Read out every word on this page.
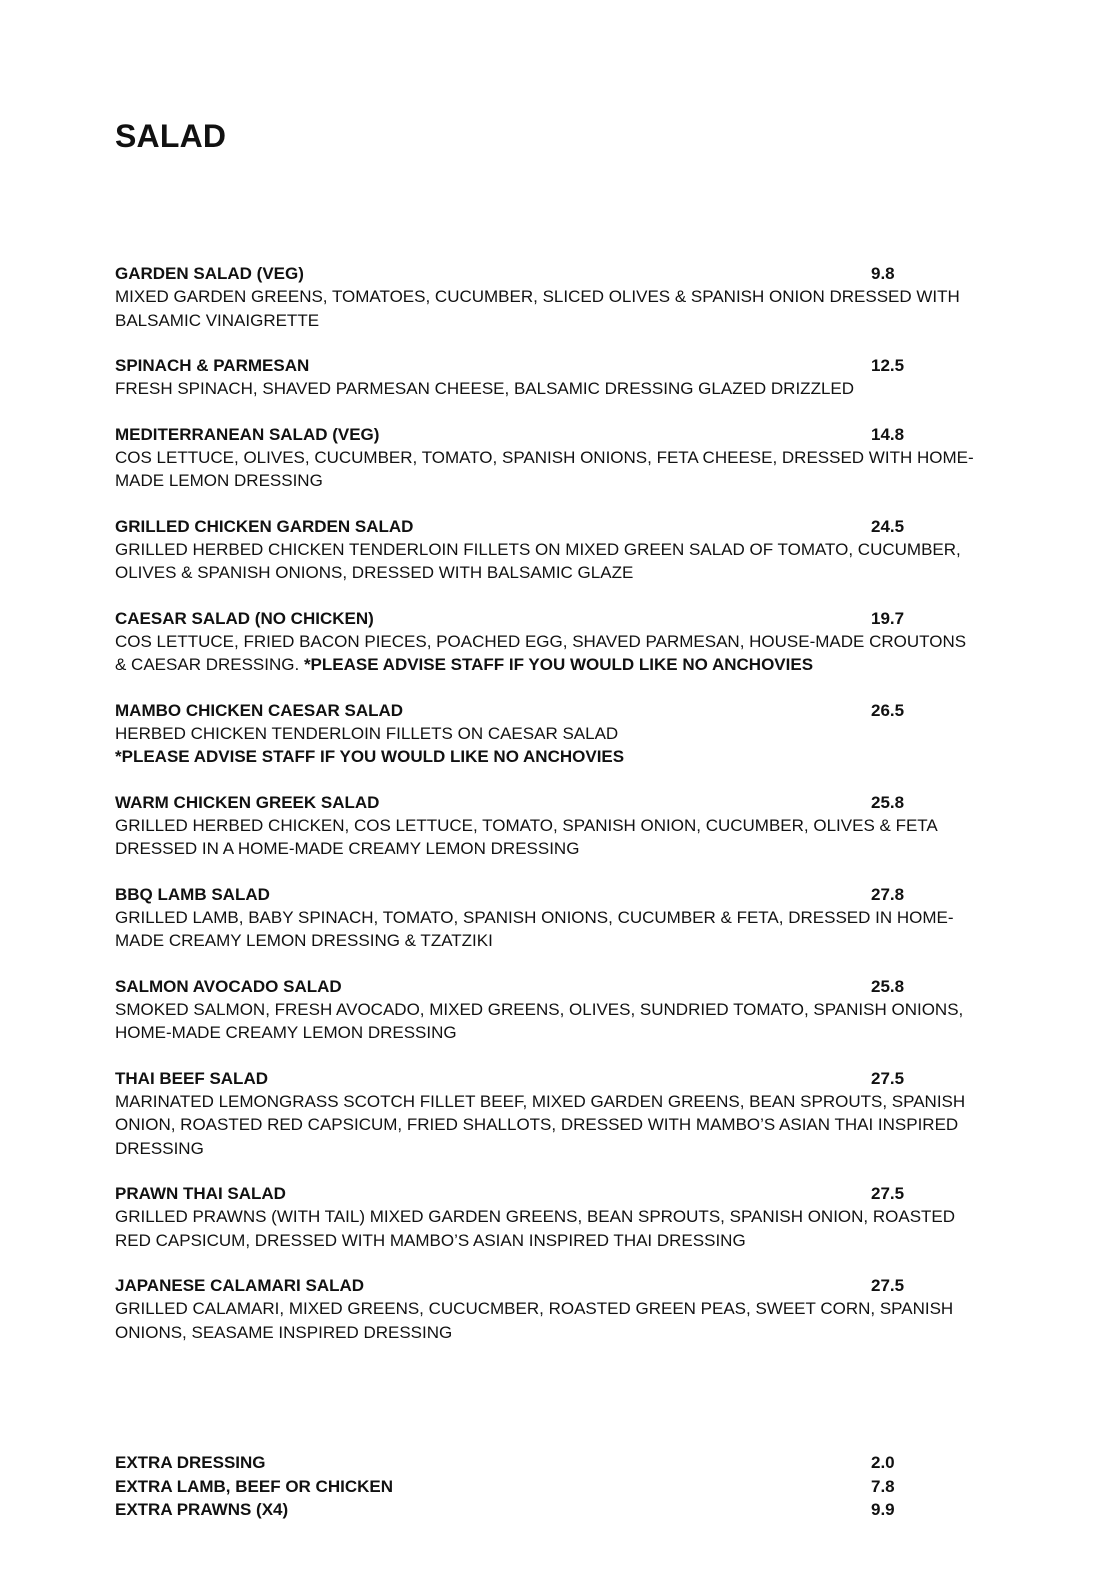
SALAD
GARDEN SALAD (VEG)	9.8
MIXED GARDEN GREENS, TOMATOES, CUCUMBER, SLICED OLIVES & SPANISH ONION DRESSED WITH BALSAMIC VINAIGRETTE
SPINACH & PARMESAN	12.5
FRESH SPINACH, SHAVED PARMESAN CHEESE, BALSAMIC DRESSING GLAZED DRIZZLED
MEDITERRANEAN SALAD (VEG)	14.8
COS LETTUCE, OLIVES, CUCUMBER, TOMATO, SPANISH ONIONS, FETA CHEESE, DRESSED WITH HOME-MADE LEMON DRESSING
GRILLED CHICKEN GARDEN SALAD	24.5
GRILLED HERBED CHICKEN TENDERLOIN FILLETS ON MIXED GREEN SALAD OF TOMATO, CUCUMBER, OLIVES & SPANISH ONIONS, DRESSED WITH BALSAMIC GLAZE
CAESAR SALAD (NO CHICKEN)	19.7
COS LETTUCE, FRIED BACON PIECES, POACHED EGG, SHAVED PARMESAN, HOUSE-MADE CROUTONS & CAESAR DRESSING. *PLEASE ADVISE STAFF IF YOU WOULD LIKE NO ANCHOVIES
MAMBO CHICKEN CAESAR SALAD	26.5
HERBED CHICKEN TENDERLOIN FILLETS ON CAESAR SALAD
*PLEASE ADVISE STAFF IF YOU WOULD LIKE NO ANCHOVIES
WARM CHICKEN GREEK SALAD	25.8
GRILLED HERBED CHICKEN, COS LETTUCE, TOMATO, SPANISH ONION, CUCUMBER, OLIVES & FETA DRESSED IN A HOME-MADE CREAMY LEMON DRESSING
BBQ LAMB SALAD	27.8
GRILLED LAMB, BABY SPINACH, TOMATO, SPANISH ONIONS, CUCUMBER & FETA, DRESSED IN HOME-MADE CREAMY LEMON DRESSING & TZATZIKI
SALMON AVOCADO SALAD	25.8
SMOKED SALMON, FRESH AVOCADO, MIXED GREENS, OLIVES, SUNDRIED TOMATO, SPANISH ONIONS, HOME-MADE CREAMY LEMON DRESSING
THAI BEEF SALAD	27.5
MARINATED LEMONGRASS SCOTCH FILLET BEEF, MIXED GARDEN GREENS, BEAN SPROUTS, SPANISH ONION, ROASTED RED CAPSICUM, FRIED SHALLOTS, DRESSED WITH MAMBO’S ASIAN THAI INSPIRED DRESSING
PRAWN THAI SALAD	27.5
GRILLED PRAWNS (WITH TAIL) MIXED GARDEN GREENS, BEAN SPROUTS, SPANISH ONION, ROASTED RED CAPSICUM, DRESSED WITH MAMBO’S ASIAN INSPIRED THAI DRESSING
JAPANESE CALAMARI SALAD	27.5
GRILLED CALAMARI, MIXED GREENS, CUCUCMBER, ROASTED GREEN PEAS, SWEET CORN, SPANISH ONIONS, SEASAME INSPIRED DRESSING
EXTRA DRESSING	2.0
EXTRA LAMB, BEEF OR CHICKEN	7.8
EXTRA PRAWNS (X4)	9.9
